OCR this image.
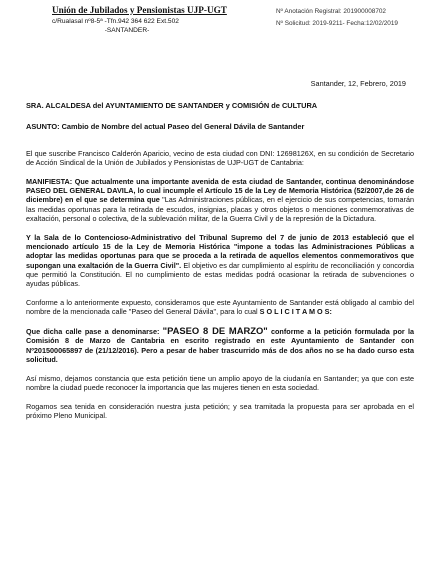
Unión de Jubilados y Pensionistas UJP-UGT
c/Rualasal nº8-5ª -Tfn.942 364 622 Ext.502
-SANTANDER-
Nº Anotación Registral: 201900008702
Nº Solicitud: 2019-9211- Fecha:12/02/2019
Santander, 12, Febrero, 2019
SRA. ALCALDESA del AYUNTAMIENTO DE SANTANDER y COMISIÓN de CULTURA
ASUNTO: Cambio de Nombre del actual Paseo del General Dávila de Santander

El que suscribe Francisco Calderón Aparicio, vecino de esta ciudad con DNI: 12698126X, en su condición de Secretario de Acción Sindical de la Unión de Jubilados y Pensionistas de UJP-UGT de Cantabria:

MANIFIESTA: Que actualmente una importante avenida de esta ciudad de Santander, continua denominándose PASEO DEL GENERAL DAVILA, lo cual incumple el Artículo 15 de la Ley de Memoria Histórica (52/2007,de 26 de diciembre) en el que se determina que "Las Administraciones públicas, en el ejercicio de sus competencias, tomarán las medidas oportunas para la retirada de escudos, insignias, placas y otros objetos o menciones conmemorativas de exaltación, personal o colectiva, de la sublevación militar, de la Guerra Civil y de la represión de la Dictadura.

Y la Sala de lo Contencioso-Administrativo del Tribunal Supremo del 7 de junio de 2013 estableció que el mencionado artículo 15 de la Ley de Memoria Histórica "impone a todas las Administraciones Públicas a adoptar las medidas oportunas para que se proceda a la retirada de aquellos elementos conmemorativos que supongan una exaltación de la Guerra Civil". El objetivo es dar cumplimiento al espíritu de reconciliación y concordia que permitió la Constitución. El no cumplimiento de estas medidas podrá ocasionar la retirada de subvenciones o ayudas públicas.

Conforme a lo anteriormente expuesto, consideramos que este Ayuntamiento de Santander está obligado al cambio del nombre de la mencionada calle "Paseo del General Dávila", para lo cual S O L I C I T A M O S:

Que dicha calle pase a denominarse: "PASEO 8 DE MARZO" conforme a la petición formulada por la Comisión 8 de Marzo de Cantabria en escrito registrado en este Ayuntamiento de Santander con Nº201500065897 de (21/12/2016). Pero a pesar de haber trascurrido más de dos años no se ha dado curso esta solicitud.

Así mismo, dejamos constancia que esta petición tiene un amplio apoyo de la ciudanía en Santander; ya que con este nombre la ciudad puede reconocer la importancia que las mujeres tienen en esta sociedad.

Rogamos sea tenida en consideración nuestra justa petición; y sea tramitada la propuesta para ser aprobada en el próximo Pleno Municipal.
